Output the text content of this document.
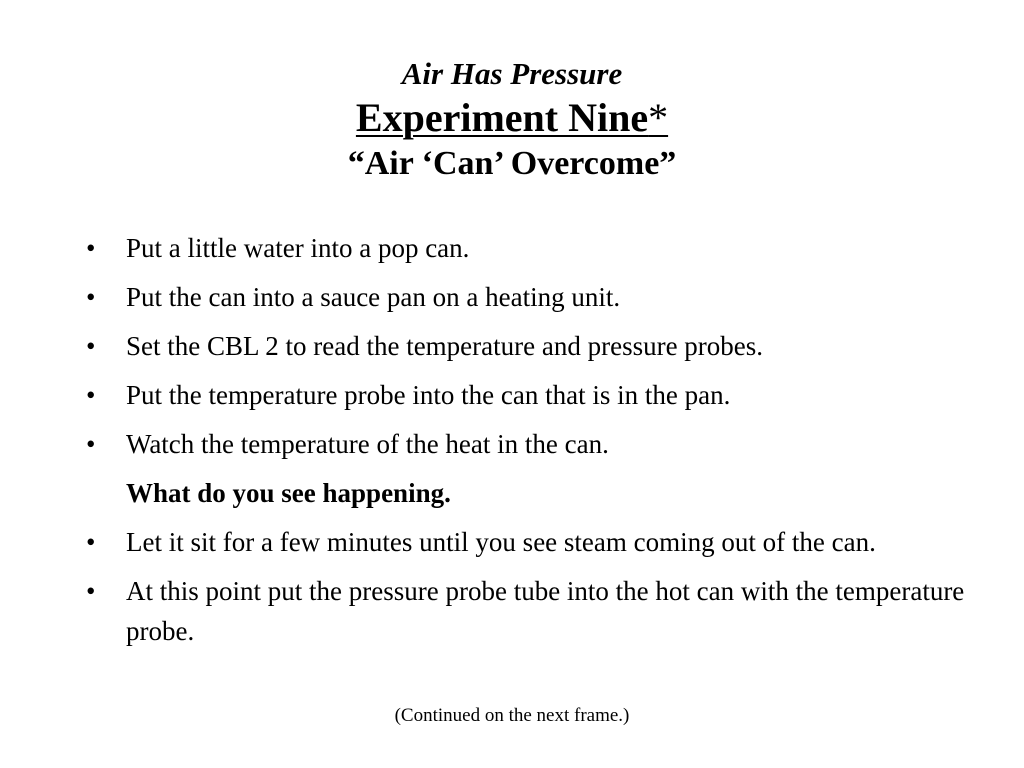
Air Has Pressure
Experiment Nine*
“Air ‘Can’ Overcome”
•	Put a little water into a pop can.
•	Put the can into a sauce pan on a heating unit.
•	Set the CBL 2 to read the temperature and pressure probes.
•	Put the temperature probe into the can that is in the pan.
•	Watch the temperature of the heat in the can.
What do you see happening.
•	Let it sit for a few minutes until you see steam coming out of the can.
•	At this point put the pressure probe tube into the hot can with the temperature probe.
(Continued on the next frame.)
